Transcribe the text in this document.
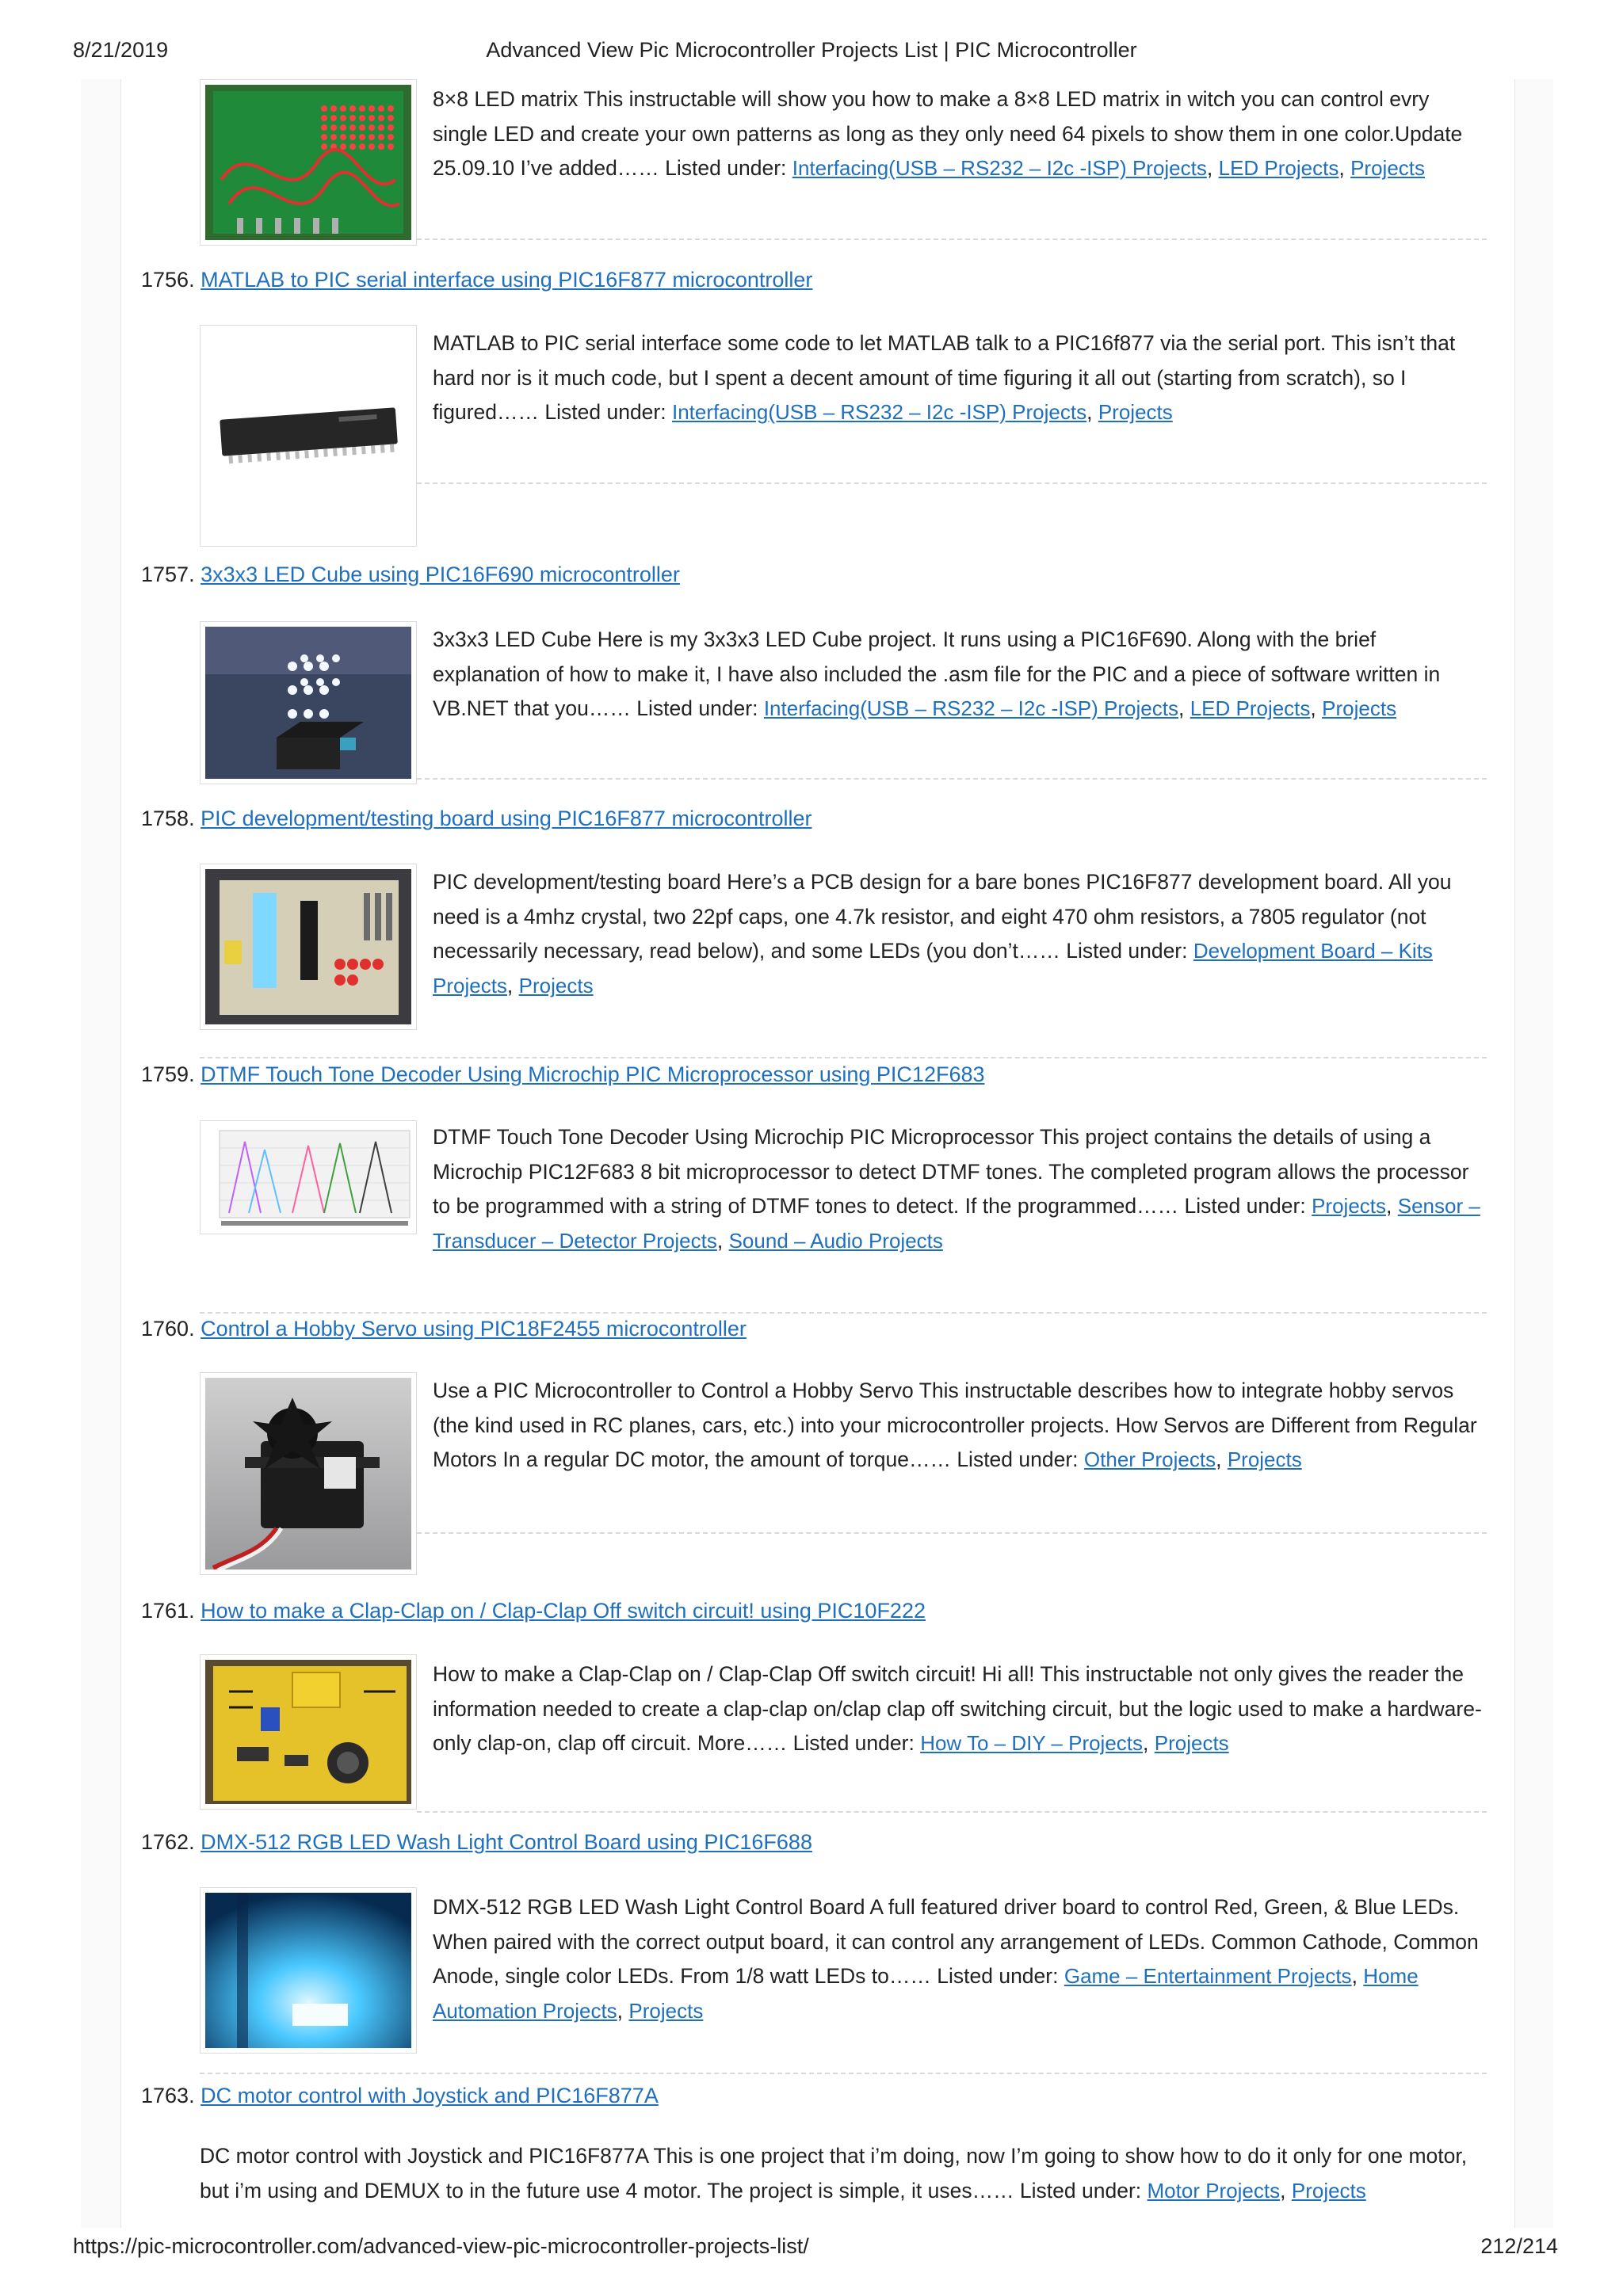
8/21/2019	Advanced View Pic Microcontroller Projects List | PIC Microcontroller
8×8 LED matrix This instructable will show you how to make a 8×8 LED matrix in witch you can control evry single LED and create your own patterns as long as they only need 64 pixels to show them in one color.Update 25.09.10 I’ve added…… Listed under: Interfacing(USB – RS232 – I2c -ISP) Projects, LED Projects, Projects
1756. MATLAB to PIC serial interface using PIC16F877 microcontroller
MATLAB to PIC serial interface some code to let MATLAB talk to a PIC16f877 via the serial port. This isn’t that hard nor is it much code, but I spent a decent amount of time figuring it all out (starting from scratch), so I figured…… Listed under: Interfacing(USB – RS232 – I2c -ISP) Projects, Projects
1757. 3x3x3 LED Cube using PIC16F690 microcontroller
3x3x3 LED Cube Here is my 3x3x3 LED Cube project. It runs using a PIC16F690. Along with the brief explanation of how to make it, I have also included the .asm file for the PIC and a piece of software written in VB.NET that you…… Listed under: Interfacing(USB – RS232 – I2c -ISP) Projects, LED Projects, Projects
1758. PIC development/testing board using PIC16F877 microcontroller
PIC development/testing board Here’s a PCB design for a bare bones PIC16F877 development board. All you need is a 4mhz crystal, two 22pf caps, one 4.7k resistor, and eight 470 ohm resistors, a 7805 regulator (not necessarily necessary, read below), and some LEDs (you don’t…… Listed under: Development Board – Kits Projects, Projects
1759. DTMF Touch Tone Decoder Using Microchip PIC Microprocessor using PIC12F683
DTMF Touch Tone Decoder Using Microchip PIC Microprocessor This project contains the details of using a Microchip PIC12F683 8 bit microprocessor to detect DTMF tones. The completed program allows the processor to be programmed with a string of DTMF tones to detect. If the programmed…… Listed under: Projects, Sensor – Transducer – Detector Projects, Sound – Audio Projects
1760. Control a Hobby Servo using PIC18F2455 microcontroller
Use a PIC Microcontroller to Control a Hobby Servo This instructable describes how to integrate hobby servos (the kind used in RC planes, cars, etc.) into your microcontroller projects. How Servos are Different from Regular Motors In a regular DC motor, the amount of torque…… Listed under: Other Projects, Projects
1761. How to make a Clap-Clap on / Clap-Clap Off switch circuit! using PIC10F222
How to make a Clap-Clap on / Clap-Clap Off switch circuit! Hi all! This instructable not only gives the reader the information needed to create a clap-clap on/clap clap off switching circuit, but the logic used to make a hardware-only clap-on, clap off circuit. More…… Listed under: How To – DIY – Projects, Projects
1762. DMX-512 RGB LED Wash Light Control Board using PIC16F688
DMX-512 RGB LED Wash Light Control Board A full featured driver board to control Red, Green, & Blue LEDs. When paired with the correct output board, it can control any arrangement of LEDs. Common Cathode, Common Anode, single color LEDs. From 1/8 watt LEDs to…… Listed under: Game – Entertainment Projects, Home Automation Projects, Projects
1763. DC motor control with Joystick and PIC16F877A
DC motor control with Joystick and PIC16F877A This is one project that i’m doing, now I’m going to show how to do it only for one motor, but i’m using and DEMUX to in the future use 4 motor. The project is simple, it uses…… Listed under: Motor Projects, Projects
https://pic-microcontroller.com/advanced-view-pic-microcontroller-projects-list/	212/214
